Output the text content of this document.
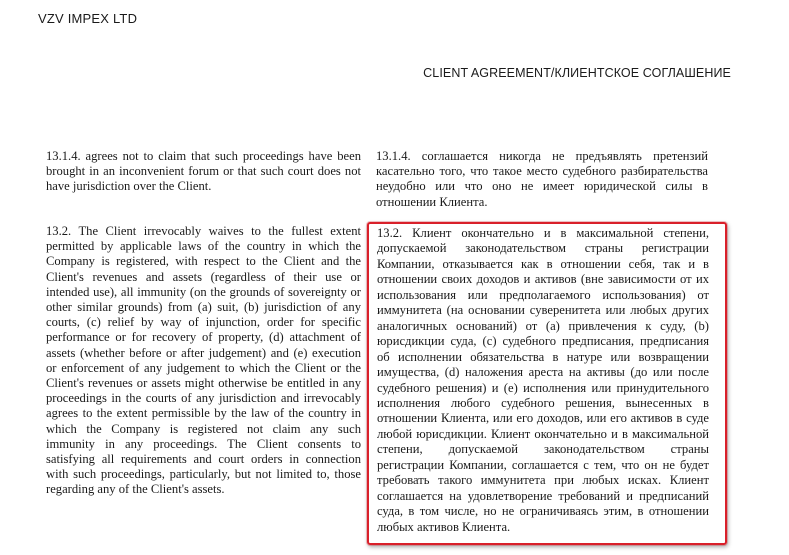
VZV IMPEX LTD
CLIENT AGREEMENT/КЛИЕНТСКОЕ СОГЛАШЕНИЕ

13.1.4. agrees not to claim that such proceedings have been brought in an inconvenient forum or that such court does not have jurisdiction over the Client.

13.1.4. соглашается никогда не предъявлять претензий касательно того, что такое место судебного разбирательства неудобно или что оно не имеет юридической силы в отношении Клиента.

13.2. The Client irrevocably waives to the fullest extent permitted by applicable laws of the country in which the Company is registered, with respect to the Client and the Client's revenues and assets (regardless of their use or intended use), all immunity (on the grounds of sovereignty or other similar grounds) from (a) suit, (b) jurisdiction of any courts, (c) relief by way of injunction, order for specific performance or for recovery of property, (d) attachment of assets (whether before or after judgement) and (e) execution or enforcement of any judgement to which the Client or the Client's revenues or assets might otherwise be entitled in any proceedings in the courts of any jurisdiction and irrevocably agrees to the extent permissible by the law of the country in which the Company is registered not claim any such immunity in any proceedings. The Client consents to satisfying all requirements and court orders in connection with such proceedings, particularly, but not limited to, those regarding any of the Client's assets.

13.2. Клиент окончательно и в максимальной степени, допускаемой законодательством страны регистрации Компании, отказывается как в отношении себя, так и в отношении своих доходов и активов (вне зависимости от их использования или предполагаемого использования) от иммунитета (на основании суверенитета или любых других аналогичных оснований) от (а) привлечения к суду, (b) юрисдикции суда, (с) судебного предписания, предписания об исполнении обязательства в натуре или возвращении имущества, (d) наложения ареста на активы (до или после судебного решения) и (е) исполнения или принудительного исполнения любого судебного решения, вынесенных в отношении Клиента, или его доходов, или его активов в суде любой юрисдикции. Клиент окончательно и в максимальной степени, допускаемой законодательством страны регистрации Компании, соглашается с тем, что он не будет требовать такого иммунитета при любых исках. Клиент соглашается на удовлетворение требований и предписаний суда, в том числе, но не ограничиваясь этим, в отношении любых активов Клиента.
